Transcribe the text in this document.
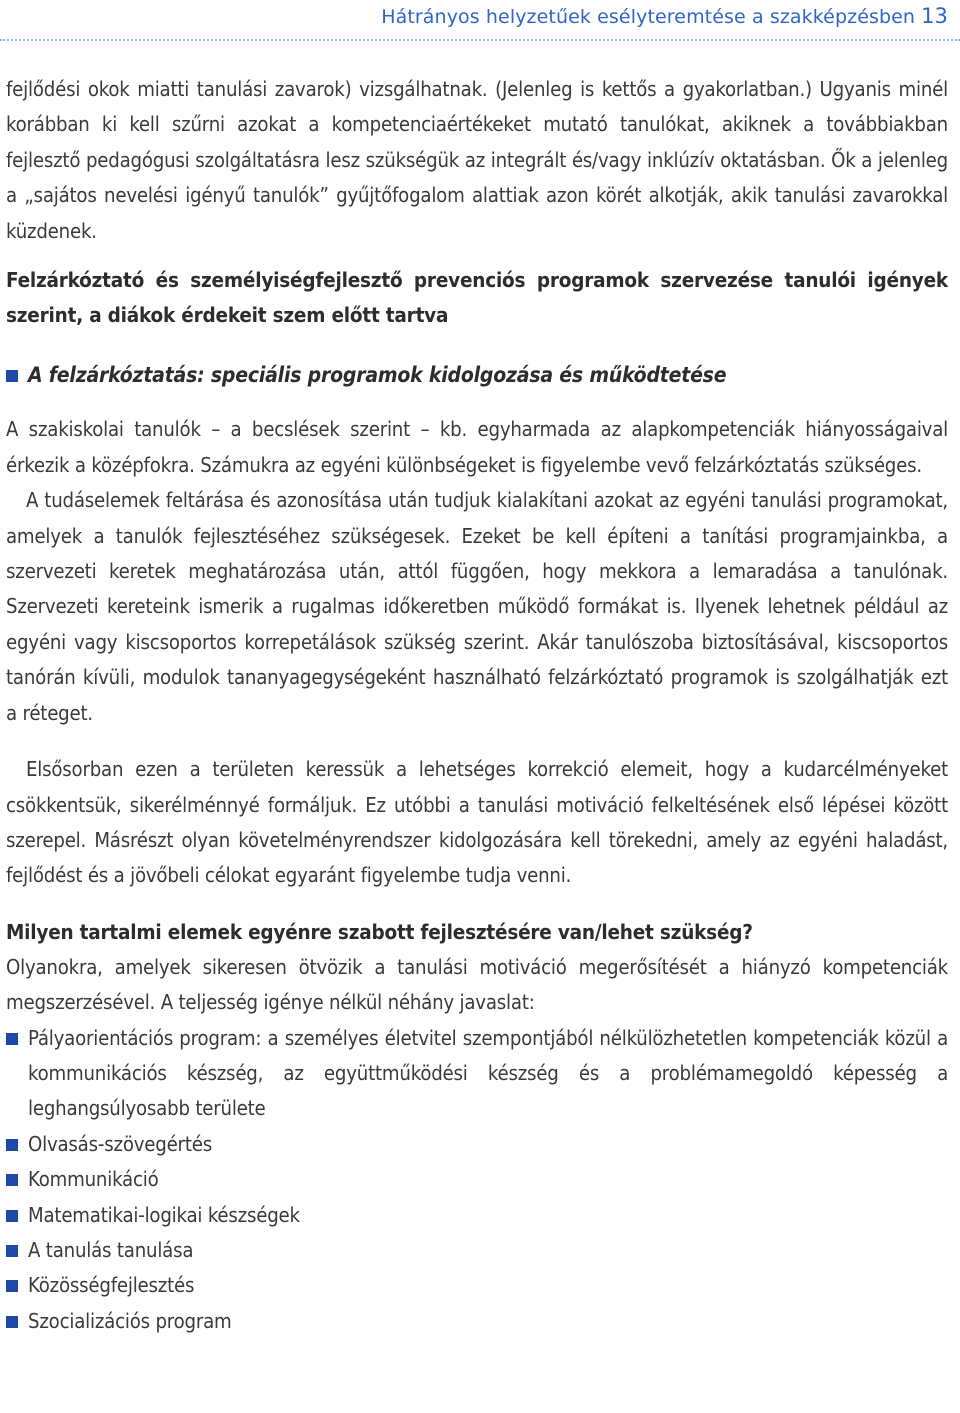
Hátrányos helyzetűek esélyteremtése a szakképzésben 13

fejlődési okok miatti tanulási zavarok) vizsgálhatnak. (Jelenleg is kettős a gyakorlatban.) Ugyanis minél korábban ki kell szűrni azokat a kompetenciaértékeket mutató tanulókat, akiknek a továbbiakban fejlesztő pedagógusi szolgáltatásra lesz szükségük az integrált és/vagy inklúzív oktatásban. Ők a jelenleg a „sajátos nevelési igényű tanulók” gyűjtőfogalom alattiak azon körét alkotják, akik tanulási zavarokkal küzdenek.

Felzárkóztató és személyiségfejlesztő prevenciós programok szervezése tanulói igények szerint, a diákok érdekeit szem előtt tartva
A felzárkóztatás: speciális programok kidolgozása és működtetése

A szakiskolai tanulók – a becslések szerint – kb. egyharmada az alapkompetenciák hiányosságaival érkezik a középfokra. Számukra az egyéni különbségeket is figyelembe vevő felzárkóztatás szükséges.

A tudáselemek feltárása és azonosítása után tudjuk kialakítani azokat az egyéni tanulási programokat, amelyek a tanulók fejlesztéséhez szükségesek. Ezeket be kell építeni a tanítási programjainkba, a szervezeti keretek meghatározása után, attól függően, hogy mekkora a lemaradása a tanulónak. Szervezeti kereteink ismerik a rugalmas időkeretben működő formákat is. Ilyenek lehetnek például az egyéni vagy kiscsoportos korrepetálások szükség szerint. Akár tanulószoba biztosításával, kiscsoportos tanórán kívüli, modulok tananyagegységeként használható felzárkóztató programok is szolgálhatják ezt a réteget.

Elsősorban ezen a területen keressük a lehetséges korrekció elemeit, hogy a kudarcélményeket csökkentsük, sikerélménnyé formáljuk. Ez utóbbi a tanulási motiváció felkeltésének első lépései között szerepel. Másrészt olyan követelményrendszer kidolgozására kell törekedni, amely az egyéni haladást, fejlődést és a jövőbeli célokat egyaránt figyelembe tudja venni.

Milyen tartalmi elemek egyénre szabott fejlesztésére van/lehet szükség?

Olyanokra, amelyek sikeresen ötvözik a tanulási motiváció megerősítését a hiányzó kompetenciák megszerzésével. A teljesség igénye nélkül néhány javaslat:

Pályaorientációs program: a személyes életvitel szempontjából nélkülözhetetlen kompetenciák közül a kommunikációs készség, az együttműködési készség és a problémamegoldó képesség a leghangsúlyosabb területe
Olvasás-szövegértés
Kommunikáció
Matematikai-logikai készségek
A tanulás tanulása
Közösségfejlesztés
Szocializációs program
